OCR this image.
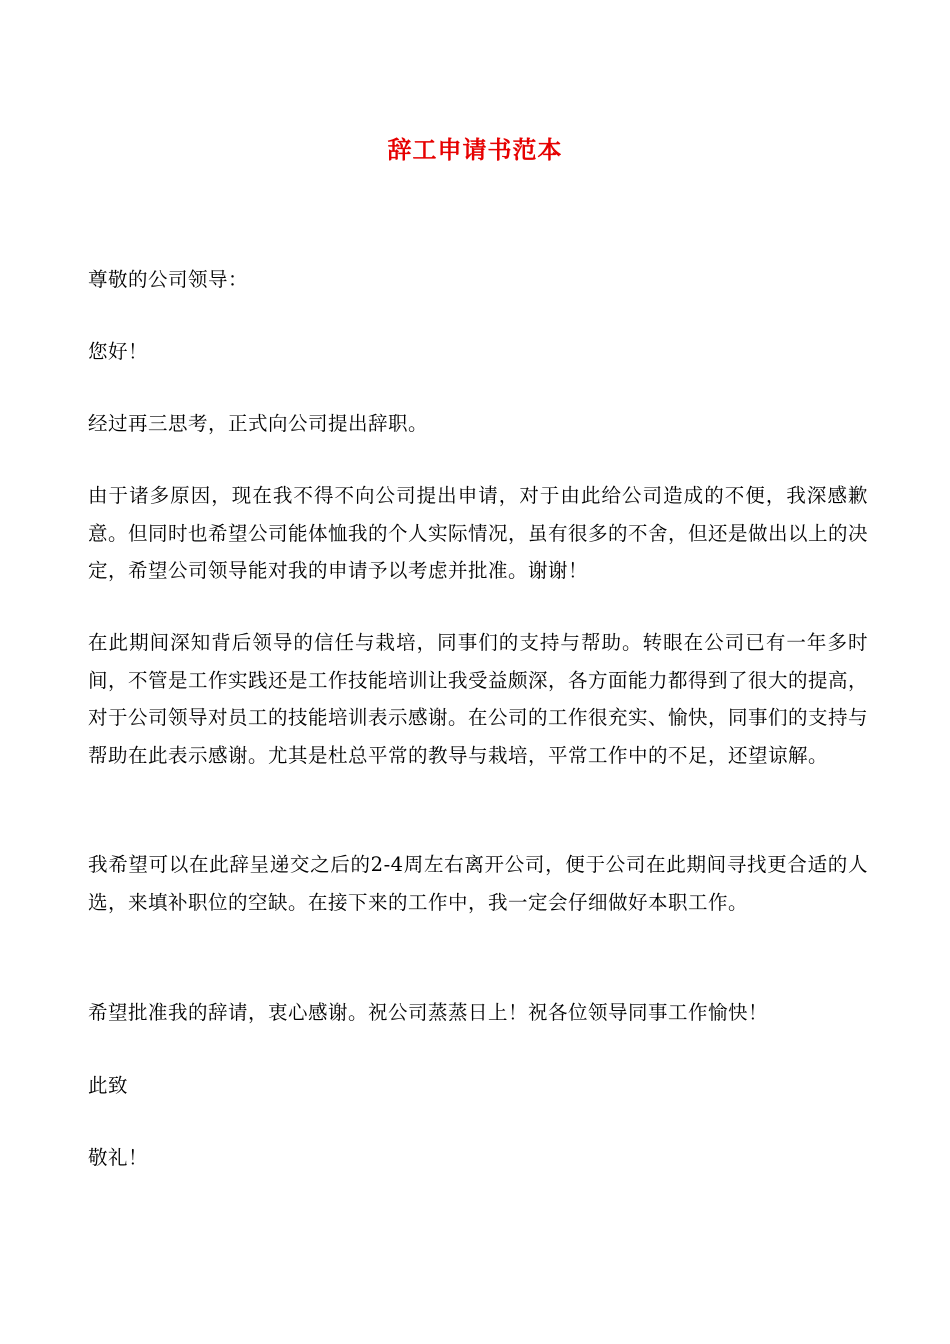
辞工申请书范本

尊敬的公司领导：

您好！

经过再三思考，正式向公司提出辞职。

由于诸多原因，现在我不得不向公司提出申请，对于由此给公司造成的不便，我深感歉意。但同时也希望公司能体恤我的个人实际情况，虽有很多的不舍，但还是做出以上的决定，希望公司领导能对我的申请予以考虑并批准。谢谢！

在此期间深知背后领导的信任与栽培，同事们的支持与帮助。转眼在公司已有一年多时间，不管是工作实践还是工作技能培训让我受益颇深，各方面能力都得到了很大的提高，对于公司领导对员工的技能培训表示感谢。在公司的工作很充实、愉快，同事们的支持与帮助在此表示感谢。尤其是杜总平常的教导与栽培，平常工作中的不足，还望谅解。

我希望可以在此辞呈递交之后的2-4周左右离开公司，便于公司在此期间寻找更合适的人选，来填补职位的空缺。在接下来的工作中，我一定会仔细做好本职工作。

希望批准我的辞请，衷心感谢。祝公司蒸蒸日上！祝各位领导同事工作愉快！

此致

敬礼！
